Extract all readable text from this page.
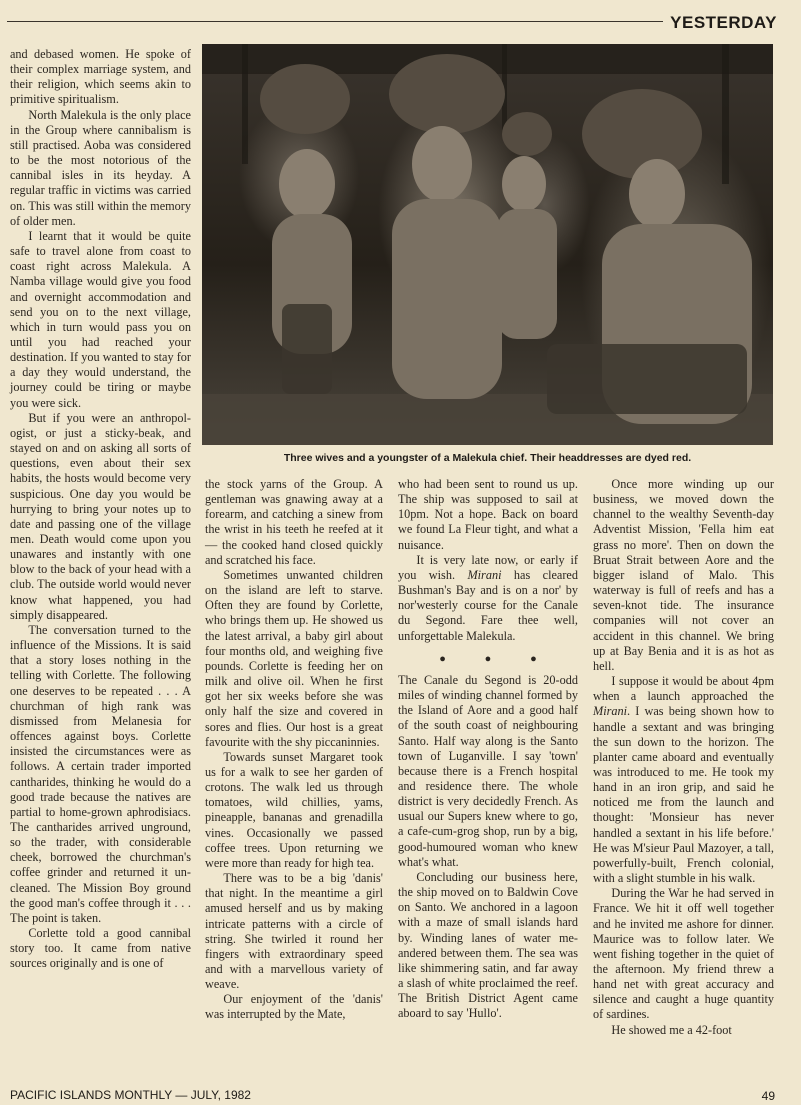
YESTERDAY
Three wives and a youngster of a Malekula chief. Their headdresses are dyed red.

and debased women. He spoke of their complex marriage system, and their religion, which seems akin to primitive spiritualism.

North Malekula is the only place in the Group where cannibalism is still practised. Aoba was considered to be the most notorious of the cannibal isles in its heyday. A regular traffic in victims was carried on. This was still within the memory of older men.

I learnt that it would be quite safe to travel alone from coast to coast right across Malekula. A Namba village would give you food and overnight accommodation and send you on to the next village, which in turn would pass you on until you had reached your destination. If you wanted to stay for a day they would understand, the journey could be tiring or maybe you were sick.

But if you were an anthropologist, or just a sticky-beak, and stayed on and on asking all sorts of questions, even about their sex habits, the hosts would become very suspicious. One day you would be hurrying to bring your notes up to date and passing one of the village men. Death would come upon you unawares and instantly with one blow to the back of your head with a club. The outside world would never know what happened, you had simply disappeared.

The conversation turned to the influence of the Missions. It is said that a story loses nothing in the telling with Corlette. The following one deserves to be repeated . . . A churchman of high rank was dismissed from Melanesia for offences against boys. Corlette insisted the circumstances were as follows. A certain trader imported cantharides, thinking he would do a good trade because the natives are partial to home-grown aphrodisiacs. The cantharides arrived unground, so the trader, with considerable cheek, borrowed the churchman's coffee grinder and returned it uncleaned. The Mission Boy ground the good man's coffee through it . . . The point is taken.

Corlette told a good cannibal story too. It came from native sources originally and is one of

the stock yarns of the Group. A gentleman was gnawing away at a forearm, and catching a sinew from the wrist in his teeth he reefed at it — the cooked hand closed quickly and scratched his face.

Sometimes unwanted children on the island are left to starve. Often they are found by Corlette, who brings them up. He showed us the latest arrival, a baby girl about four months old, and weighing five pounds. Corlette is feeding her on milk and olive oil. When he first got her six weeks before she was only half the size and covered in sores and flies. Our host is a great favourite with the shy piccaninnies.

Towards sunset Margaret took us for a walk to see her garden of crotons. The walk led us through tomatoes, wild chillies, yams, pineapple, bananas and grenadilla vines. Occasionally we passed coffee trees. Upon returning we were more than ready for high tea.

There was to be a big 'danis' that night. In the meantime a girl amused herself and us by making intricate patterns with a circle of string. She twirled it round her fingers with extraordinary speed and with a marvellous variety of weave.

Our enjoyment of the 'danis' was interrupted by the Mate,

who had been sent to round us up. The ship was supposed to sail at 10pm. Not a hope. Back on board we found La Fleur tight, and what a nuisance.

It is very late now, or early if you wish. Mirani has cleared Bushman's Bay and is on a nor' by nor'westerly course for the Canale du Segond. Fare thee well, unforgettable Malekula.

● ● ●

The Canale du Segond is 20-odd miles of winding channel formed by the Island of Aore and a good half of the south coast of neighbouring Santo. Half way along is the Santo town of Luganville. I say 'town' because there is a French hospital and residence there. The whole district is very decidedly French. As usual our Supers knew where to go, a cafe-cum-grog shop, run by a big, good-humoured woman who knew what's what.

Concluding our business here, the ship moved on to Baldwin Cove on Santo. We anchored in a lagoon with a maze of small islands hard by. Winding lanes of water meandered between them. The sea was like shimmering satin, and far away a slash of white proclaimed the reef. The British District Agent came aboard to say 'Hullo'.

Once more winding up our business, we moved down the channel to the wealthy Seventh-day Adventist Mission, 'Fella him eat grass no more'. Then on down the Bruat Strait between Aore and the bigger island of Malo. This waterway is full of reefs and has a seven-knot tide. The insurance companies will not cover an accident in this channel. We bring up at Bay Benia and it is as hot as hell.

I suppose it would be about 4pm when a launch approached the Mirani. I was being shown how to handle a sextant and was bringing the sun down to the horizon. The planter came aboard and eventually was introduced to me. He took my hand in an iron grip, and said he noticed me from the launch and thought: 'Monsieur has never handled a sextant in his life before.' He was M'sieur Paul Mazoyer, a tall, powerfully-built, French colonial, with a slight stumble in his walk.

During the War he had served in France. We hit it off well together and he invited me ashore for dinner. Maurice was to follow later. We went fishing together in the quiet of the afternoon. My friend threw a hand net with great accuracy and silence and caught a huge quantity of sardines.

He showed me a 42-foot

PACIFIC ISLANDS MONTHLY — JULY, 1982	49
